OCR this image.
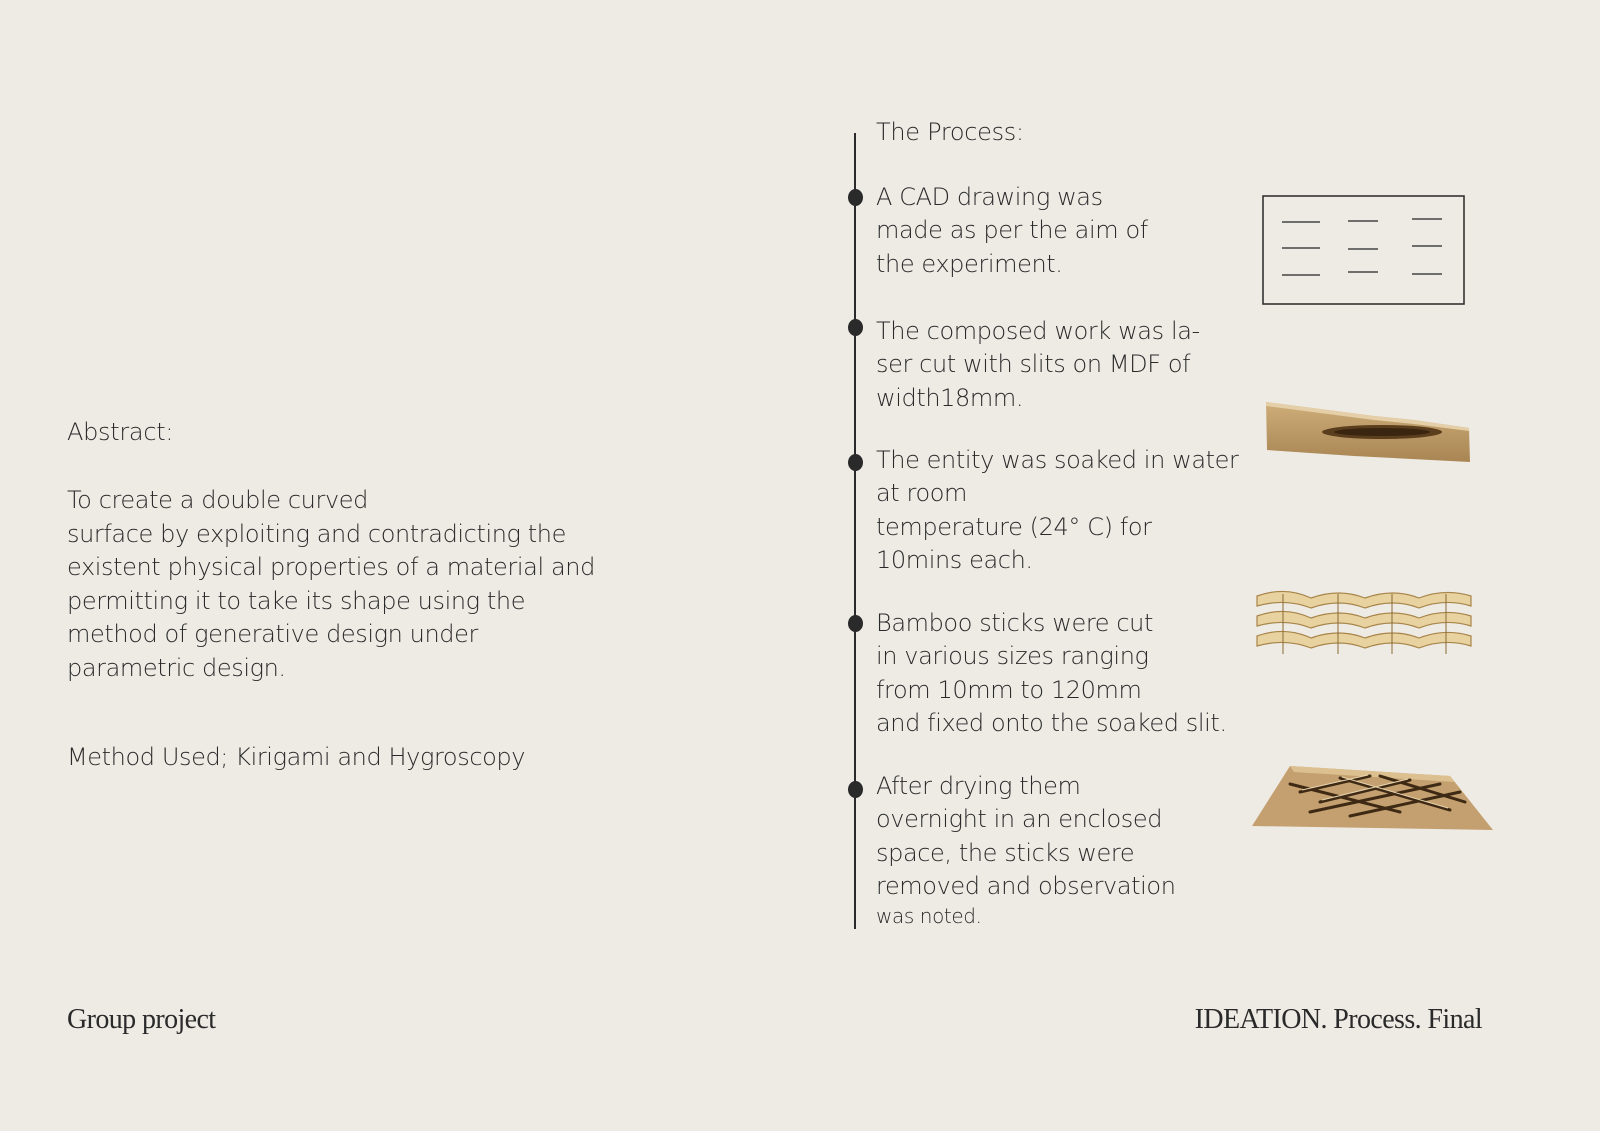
Abstract:
To create a double curved
surface by exploiting and contradicting the
existent physical properties of a material and
permitting it to take its shape using the
method of generative design under
parametric design.
Method Used; Kirigami and Hygroscopy
The Process:
A CAD drawing was
made as per the aim of
the experiment.
The composed work was la-
ser cut with slits on MDF of
width18mm.
The entity was soaked in water
at room
temperature (24° C) for
10mins each.
Bamboo sticks were cut
in various sizes ranging
from 10mm to 120mm
and fixed onto the soaked slit.
After drying them
overnight in an enclosed
space, the sticks were
removed and observation
was noted.
Group project	IDEATION. Process. Final
